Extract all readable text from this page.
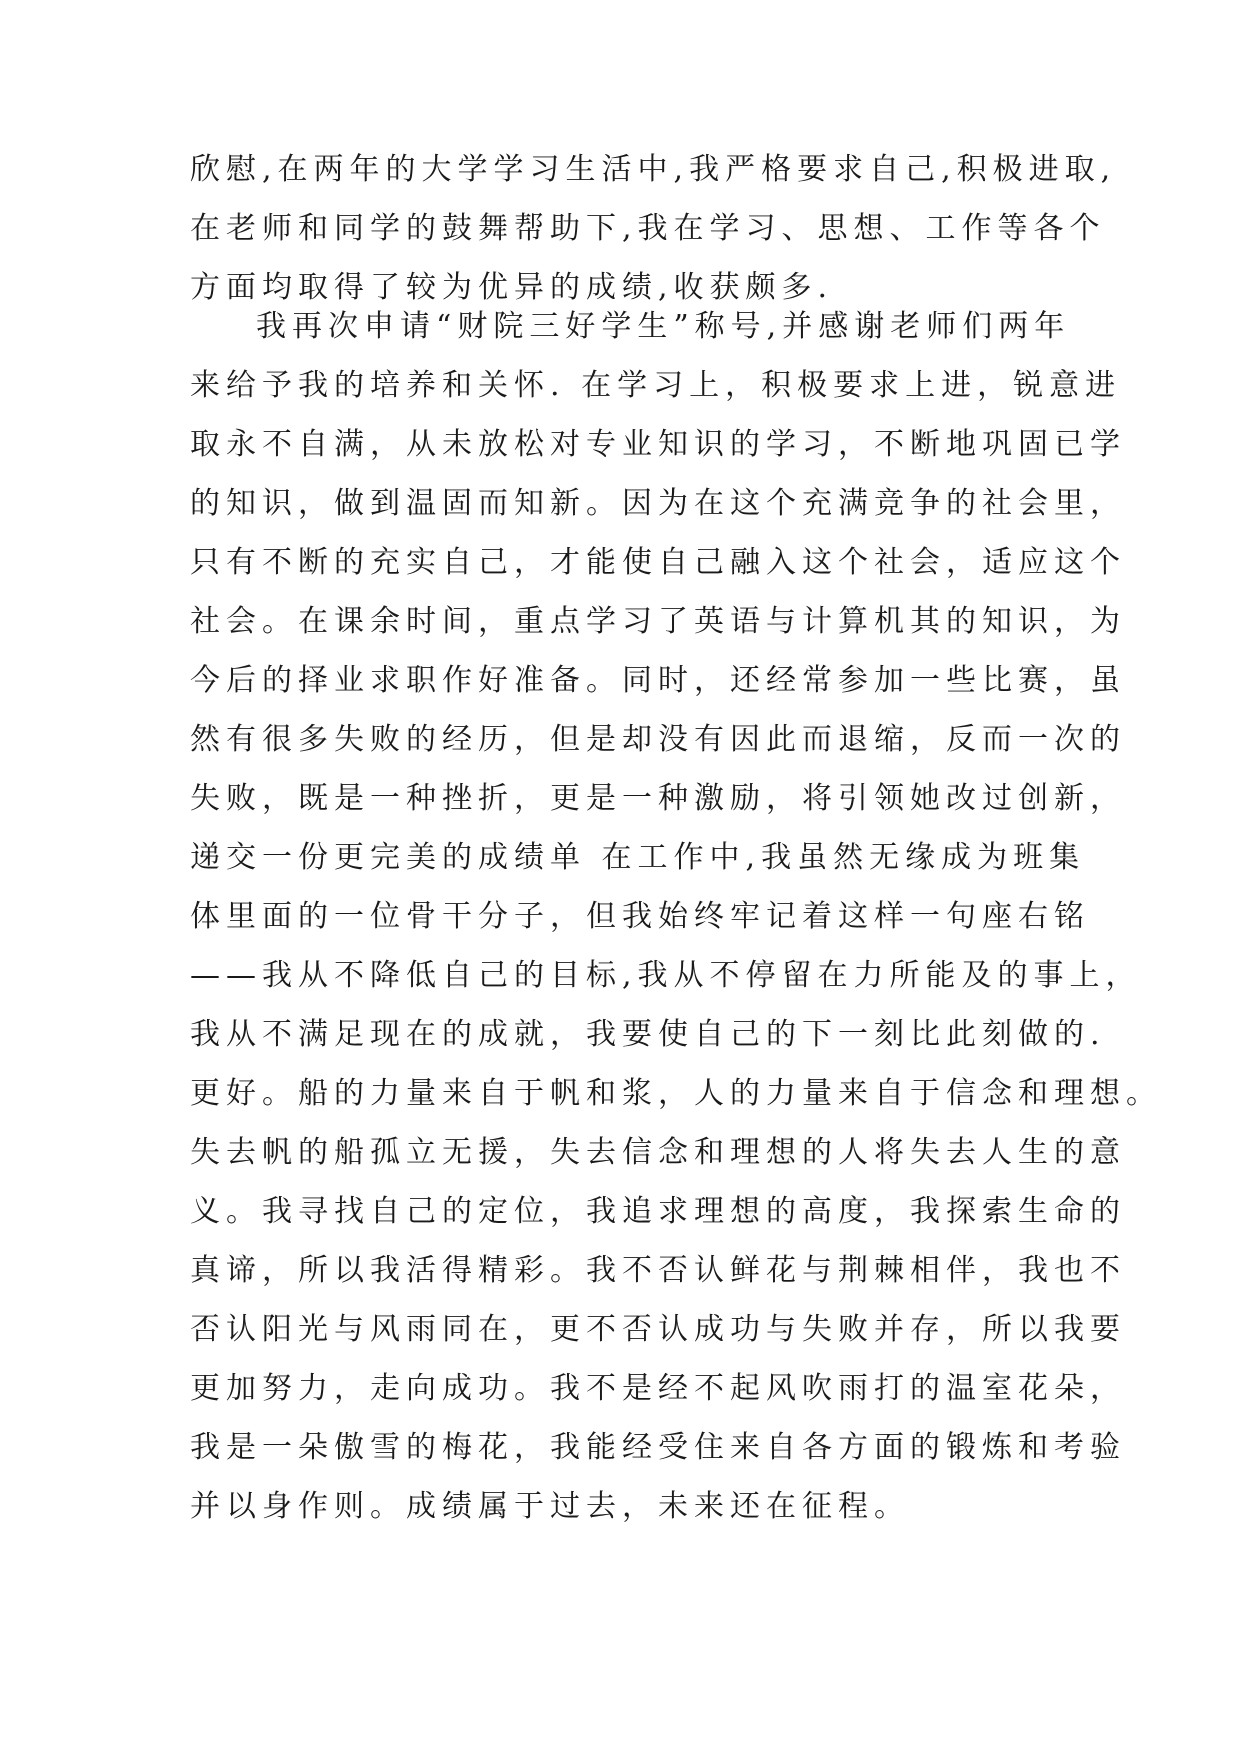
欣慰,在两年的大学学习生活中,我严格要求自己,积极进取,
在老师和同学的鼓舞帮助下,我在学习、思想、工作等各个
方面均取得了较为优异的成绩,收获颇多.
我再次申请“财院三好学生”称号,并感谢老师们两年
来给予我的培养和关怀. 在学习上，积极要求上进，锐意进
取永不自满，从未放松对专业知识的学习，不断地巩固已学
的知识，做到温固而知新。因为在这个充满竞争的社会里，
只有不断的充实自己，才能使自己融入这个社会，适应这个
社会。在课余时间，重点学习了英语与计算机其的知识，为
今后的择业求职作好准备。同时，还经常参加一些比赛，虽
然有很多失败的经历，但是却没有因此而退缩，反而一次的
失败，既是一种挫折，更是一种激励，将引领她改过创新，
递交一份更完美的成绩单 在工作中,我虽然无缘成为班集
体里面的一位骨干分子，但我始终牢记着这样一句座右铭
——我从不降低自己的目标,我从不停留在力所能及的事上，
我从不满足现在的成就，我要使自己的下一刻比此刻做的.
更好。船的力量来自于帆和浆，人的力量来自于信念和理想。
失去帆的船孤立无援，失去信念和理想的人将失去人生的意
义。我寻找自己的定位，我追求理想的高度，我探索生命的
真谛，所以我活得精彩。我不否认鲜花与荆棘相伴，我也不
否认阳光与风雨同在，更不否认成功与失败并存，所以我要
更加努力，走向成功。我不是经不起风吹雨打的温室花朵，
我是一朵傲雪的梅花，我能经受住来自各方面的锻炼和考验
并以身作则。成绩属于过去，未来还在征程。
